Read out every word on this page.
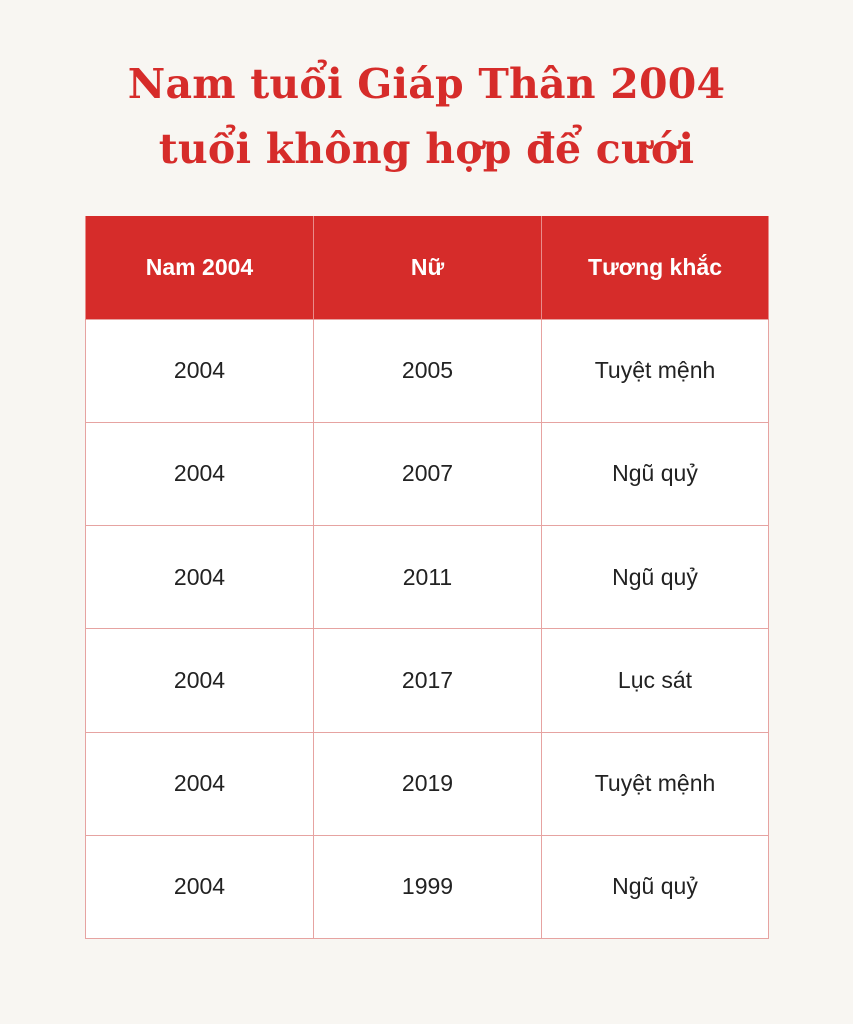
Nam tuổi Giáp Thân 2004
tuổi không hợp để cưới
Nam 2004	Nữ	Tương khắc
2004	2005	Tuyệt mệnh
2004	2007	Ngũ quỷ
2004	2011	Ngũ quỷ
2004	2017	Lục sát
2004	2019	Tuyệt mệnh
2004	1999	Ngũ quỷ
